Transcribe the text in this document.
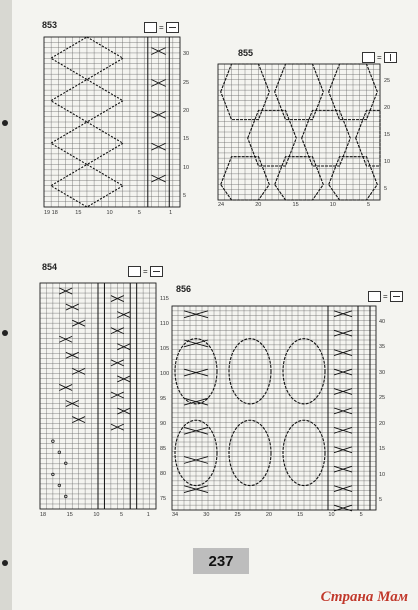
853	=
30
25
20
15
10
5
19 18	15	10	5	1
855	=
25
20
15
10
5
24	20	15	10	5
854	=
115
110
105
100
95
90
85
80
75
18	15	10	5	1
856
=
40
35
30
25
20
15
10
5
34	30	25	20	15	10	5
237
Страна Мам
